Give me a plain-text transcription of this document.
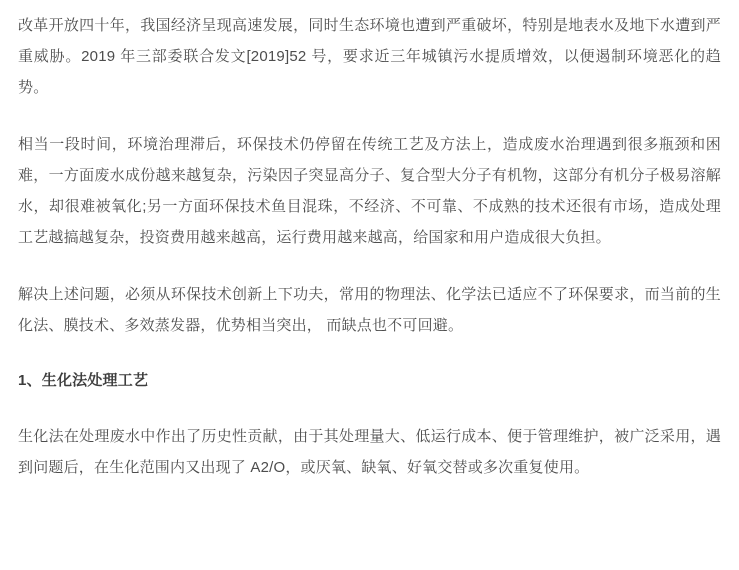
改革开放四十年，我国经济呈现高速发展，同时生态环境也遭到严重破坏，特别是地表水及地下水遭到严重威胁。2019 年三部委联合发文[2019]52 号，要求近三年城镇污水提质增效，以便遏制环境恶化的趋势。

相当一段时间，环境治理滞后，环保技术仍停留在传统工艺及方法上，造成废水治理遇到很多瓶颈和困难，一方面废水成份越来越复杂，污染因子突显高分子、复合型大分子有机物，这部分有机分子极易溶解水，却很难被氧化;另一方面环保技术鱼目混珠，不经济、不可靠、不成熟的技术还很有市场，造成处理工艺越搞越复杂，投资费用越来越高，运行费用越来越高，给国家和用户造成很大负担。

解决上述问题，必须从环保技术创新上下功夫，常用的物理法、化学法已适应不了环保要求，而当前的生化法、膜技术、多效蒸发器，优势相当突出， 而缺点也不可回避。

1、生化法处理工艺

生化法在处理废水中作出了历史性贡献，由于其处理量大、低运行成本、便于管理维护，被广泛采用，遇到问题后，在生化范围内又出现了 A2/O，或厌氧、缺氧、好氧交替或多次重复使用。
